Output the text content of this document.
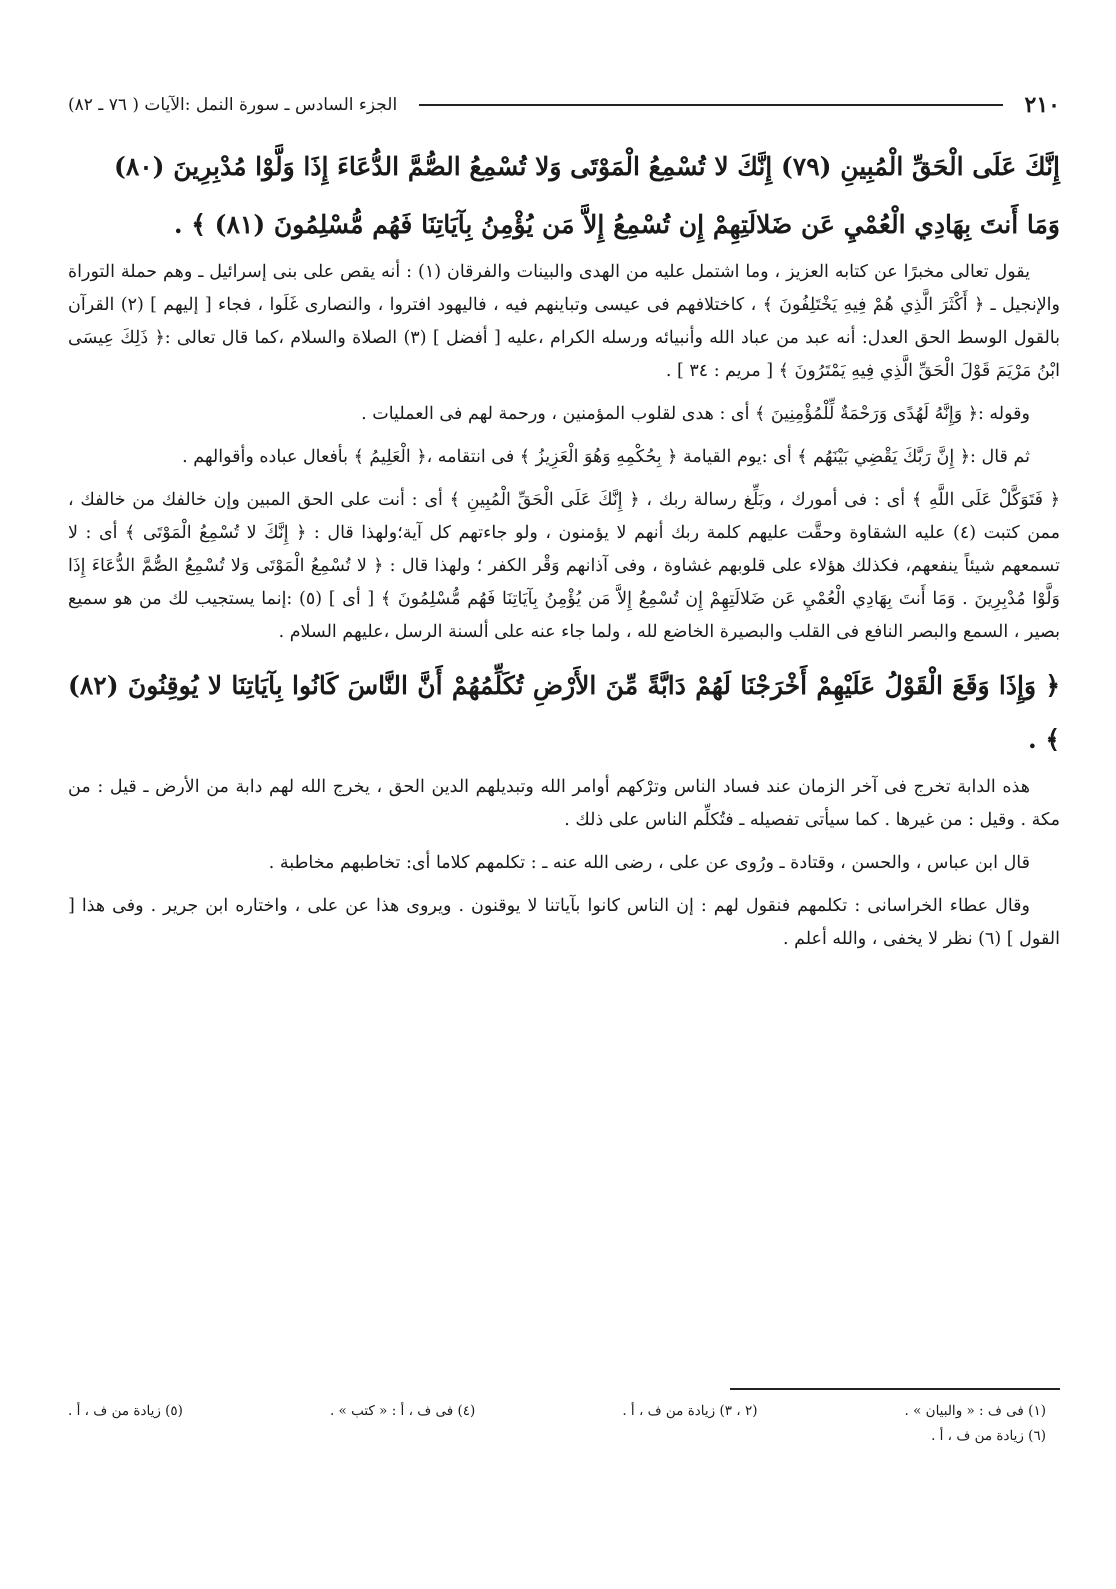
٢١٠
الجزء السادس ـ سورة النمل :الآيات ( ٧٦ ـ ٨٢)

إِنَّكَ عَلَى الْحَقِّ الْمُبِينِ (٧٩) إِنَّكَ لا تُسْمِعُ الْمَوْتَى وَلا تُسْمِعُ الصُّمَّ الدُّعَاءَ إِذَا وَلَّوْا مُدْبِرِينَ (٨٠)

وَمَا أَنتَ بِهَادِي الْعُمْيِ عَن ضَلالَتِهِمْ إِن تُسْمِعُ إِلاَّ مَن يُؤْمِنُ بِآيَاتِنَا فَهُم مُّسْلِمُونَ (٨١) ﴾ .

يقول تعالى مخبرًا عن كتابه العزيز ، وما اشتمل عليه من الهدى والبينات والفرقان (١) : أنه يقص على بنى إسرائيل ـ وهم حملة التوراة والإنجيل ـ ﴿ أَكْثَرَ الَّذِي هُمْ فِيهِ يَخْتَلِفُونَ ﴾ ، كاختلافهم فى عيسى وتباينهم فيه ، فاليهود افتروا ، والنصارى غَلَوا ، فجاء [ إليهم ] (٢) القرآن بالقول الوسط الحق العدل: أنه عبد من عباد الله وأنبيائه ورسله الكرام ،عليه [ أفضل ] (٣) الصلاة والسلام ،كما قال تعالى :﴿ ذَلِكَ عِيسَى ابْنُ مَرْيَمَ قَوْلَ الْحَقِّ الَّذِي فِيهِ يَمْتَرُونَ ﴾ [ مريم : ٣٤ ] .

وقوله :﴿ وَإِنَّهُ لَهُدًى وَرَحْمَةٌ لِّلْمُؤْمِنِينَ ﴾ أى : هدى لقلوب المؤمنين ، ورحمة لهم فى العمليات .

ثم قال :﴿ إِنَّ رَبَّكَ يَقْضِي بَيْنَهُم ﴾ أى :يوم القيامة ﴿ بِحُكْمِهِ وَهُوَ الْعَزِيزُ ﴾ فى انتقامه ،﴿ الْعَلِيمُ ﴾ بأفعال عباده وأقوالهم .

﴿ فَتَوَكَّلْ عَلَى اللَّهِ ﴾ أى : فى أمورك ، وبَلِّغ رسالة ربك ، ﴿ إِنَّكَ عَلَى الْحَقِّ الْمُبِينِ ﴾ أى : أنت على الحق المبين وإن خالفك من خالفك ، ممن كتبت (٤) عليه الشقاوة وحقَّت عليهم كلمة ربك أنهم لا يؤمنون ، ولو جاءتهم كل آية؛ولهذا قال : ﴿ إِنَّكَ لا تُسْمِعُ الْمَوْتَى ﴾ أى : لا تسمعهم شيئاً ينفعهم، فكذلك هؤلاء على قلوبهم غشاوة ، وفى آذانهم وَقْر الكفر ؛ ولهذا قال : ﴿ لا تُسْمِعُ الْمَوْتَى وَلا تُسْمِعُ الصُّمَّ الدُّعَاءَ إِذَا وَلَّوْا مُدْبِرِينَ . وَمَا أَنتَ بِهَادِي الْعُمْيِ عَن ضَلالَتِهِمْ إِن تُسْمِعُ إِلاَّ مَن يُؤْمِنُ بِآيَاتِنَا فَهُم مُّسْلِمُونَ ﴾ [ أى ] (٥) :إنما يستجيب لك من هو سميع بصير ، السمع والبصر النافع فى القلب والبصيرة الخاضع لله ، ولما جاء عنه على ألسنة الرسل ،عليهم السلام .

﴿ وَإِذَا وَقَعَ الْقَوْلُ عَلَيْهِمْ أَخْرَجْنَا لَهُمْ دَابَّةً مِّنَ الأَرْضِ تُكَلِّمُهُمْ أَنَّ النَّاسَ كَانُوا بِآيَاتِنَا لا يُوقِنُونَ (٨٢) ﴾ .

هذه الدابة تخرج فى آخر الزمان عند فساد الناس وترْكهم أوامر الله وتبديلهم الدين الحق ، يخرج الله لهم دابة من الأرض ـ قيل : من مكة . وقيل : من غيرها . كما سيأتى تفصيله ـ فتُكلِّم الناس على ذلك .

قال ابن عباس ، والحسن ، وقتادة ـ ورُوى عن على ، رضى الله عنه ـ : تكلمهم كلاما أى: تخاطبهم مخاطبة .

وقال عطاء الخراسانى : تكلمهم فنقول لهم : إن الناس كانوا بآياتنا لا يوقنون . ويروى هذا عن على ، واختاره ابن جرير . وفى هذا [ القول ] (٦) نظر لا يخفى ، والله أعلم .

(١) فى ف : « والبيان » .
(٢ ، ٣) زيادة من ف ، أ .
(٤) فى ف ، أ : « كتب » .
(٥) زيادة من ف ، أ .
(٦) زيادة من ف ، أ .
